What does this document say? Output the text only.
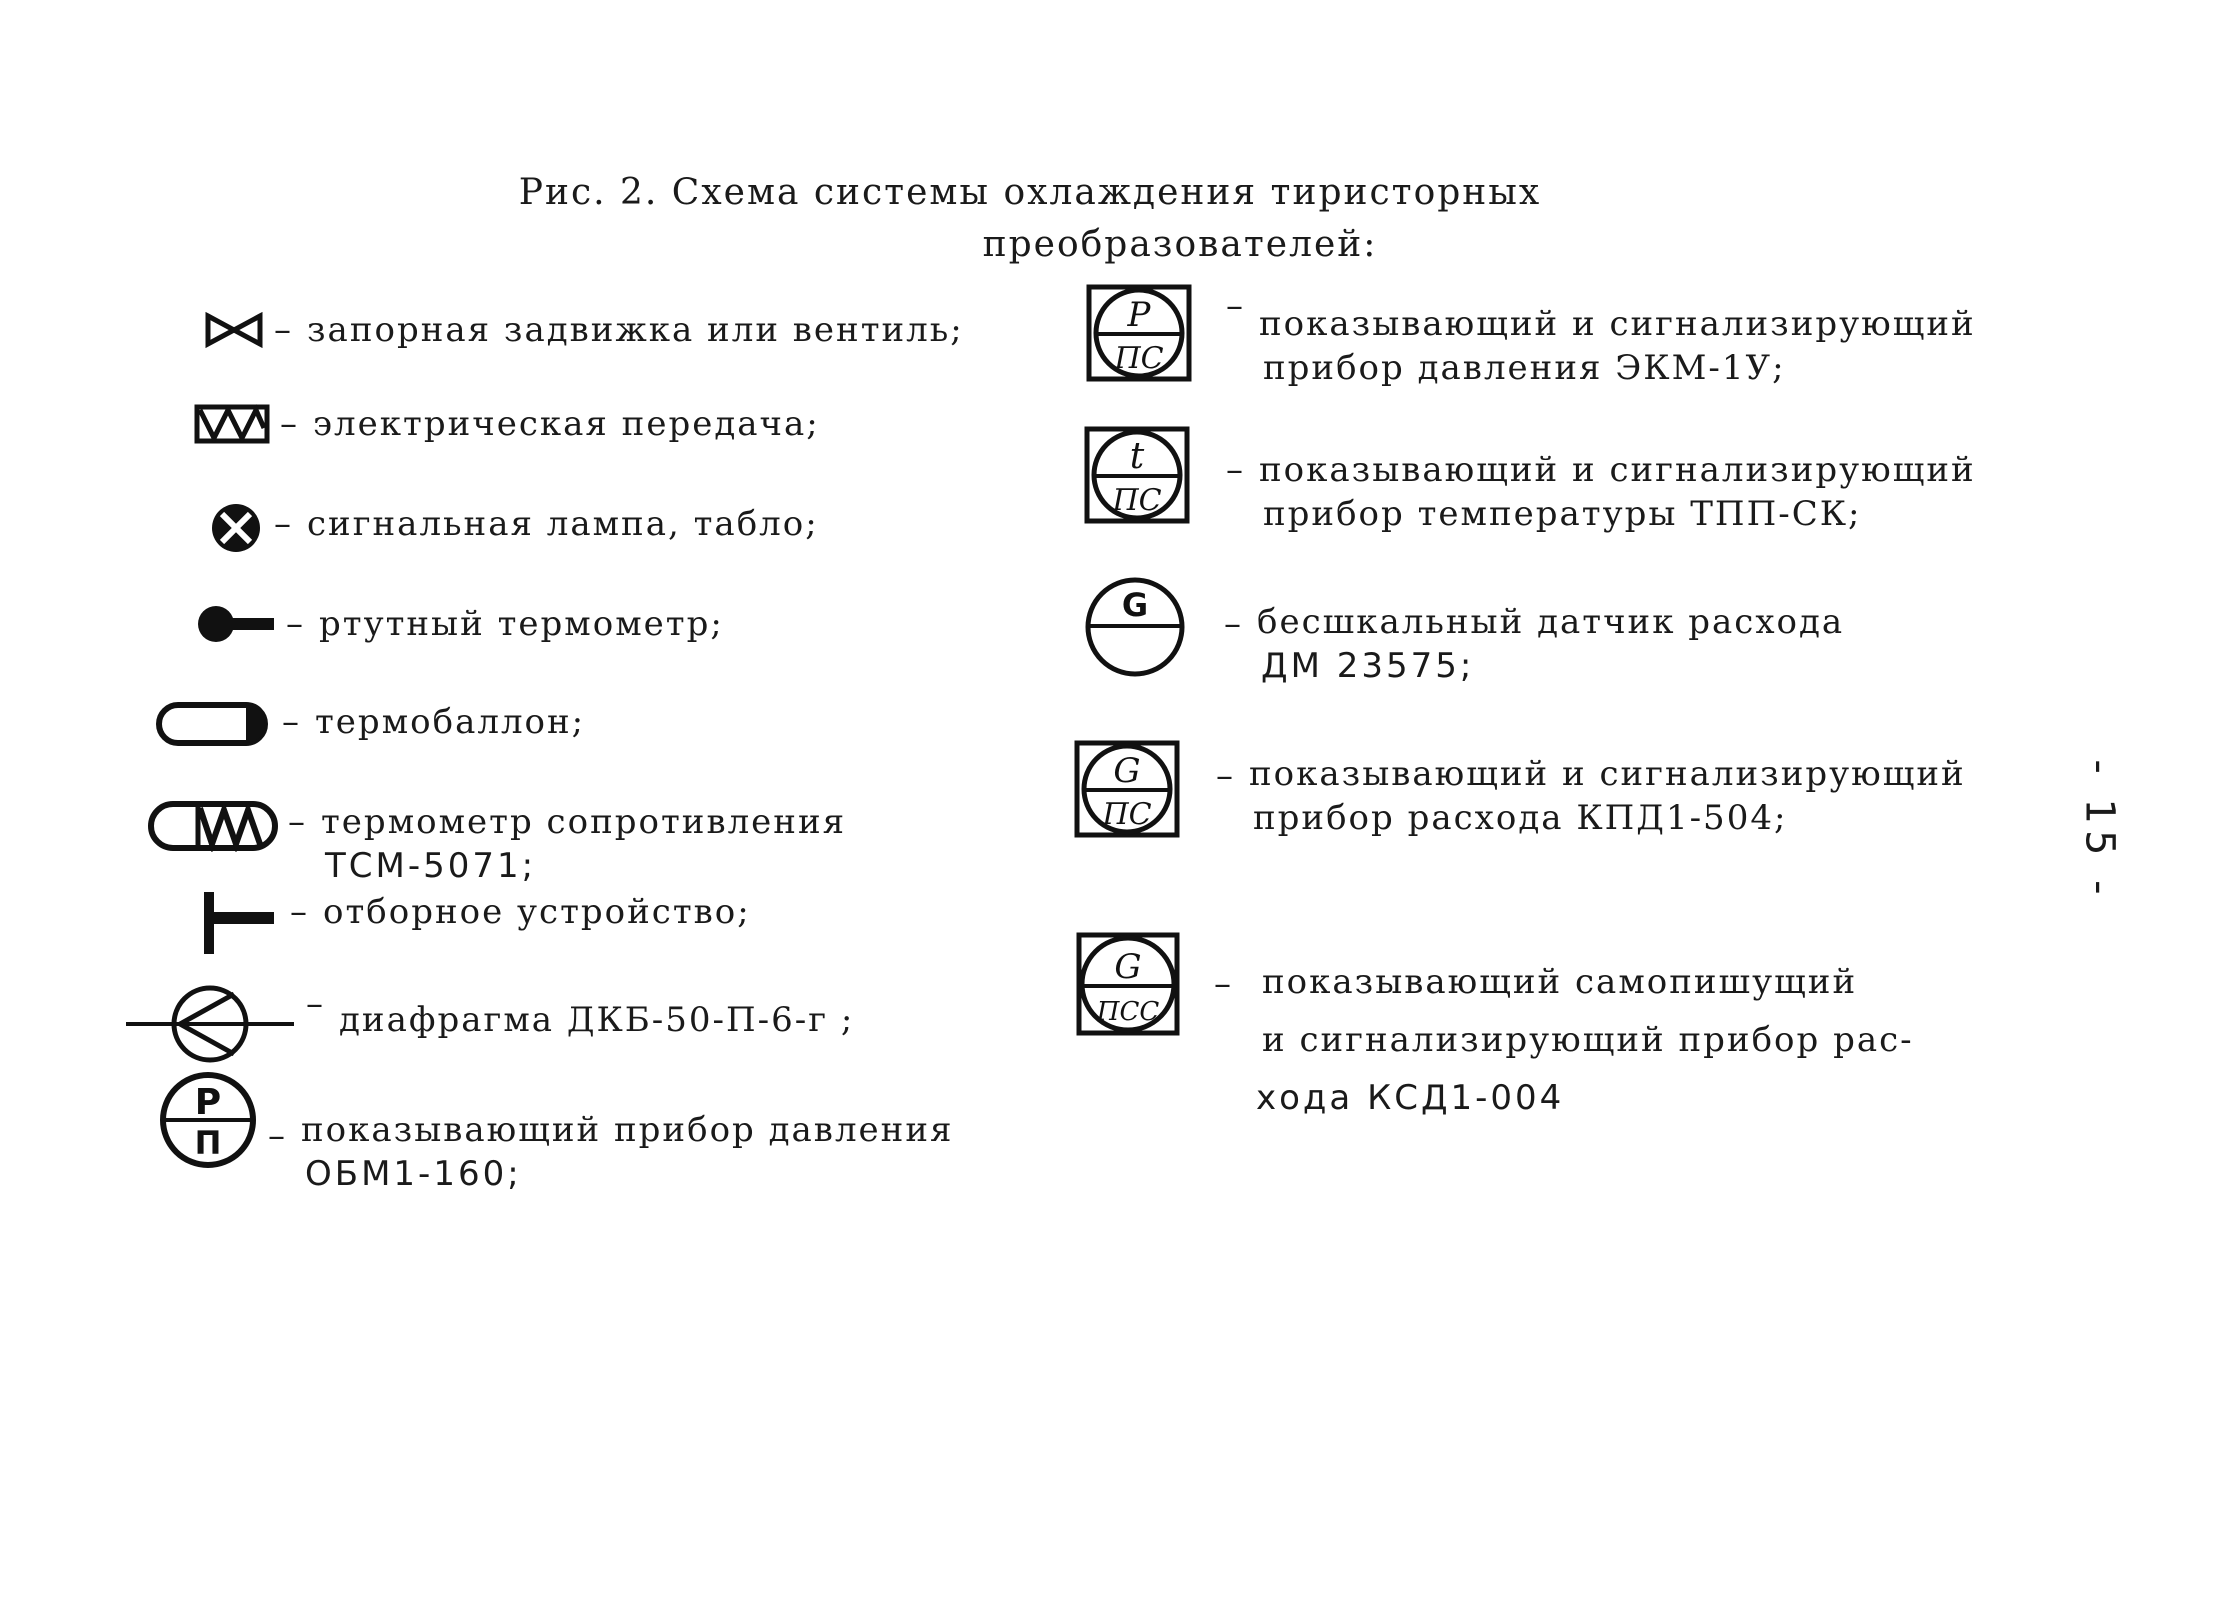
Рис. 2. Схема системы охлаждения тиристорных
преобразователей:
– запорная задвижка или вентиль;
– электрическая передача;
– сигнальная лампа, табло;
– ртутный термометр;
– термобаллон;
– термометр сопротивления
ТСМ-5071;
– отборное устройство;
– диафрагма ДКБ-50-П-6-г ;
Р
П – показывающий прибор давления
ОБМ1-160;
P
ПС
– показывающий и сигнализирующий
прибор давления ЭКМ-1У;
t
ПС
– показывающий и сигнализирующий
прибор температуры ТПП-СК;
G – бесшкальный датчик расхода
ДМ 23575;
G
ПС
– показывающий и сигнализирующий
прибор расхода КПД1-504;
G
ПСС
– показывающий самопишущий
и сигнализирующий прибор рас-
хода КСД1-004
- 15 -
